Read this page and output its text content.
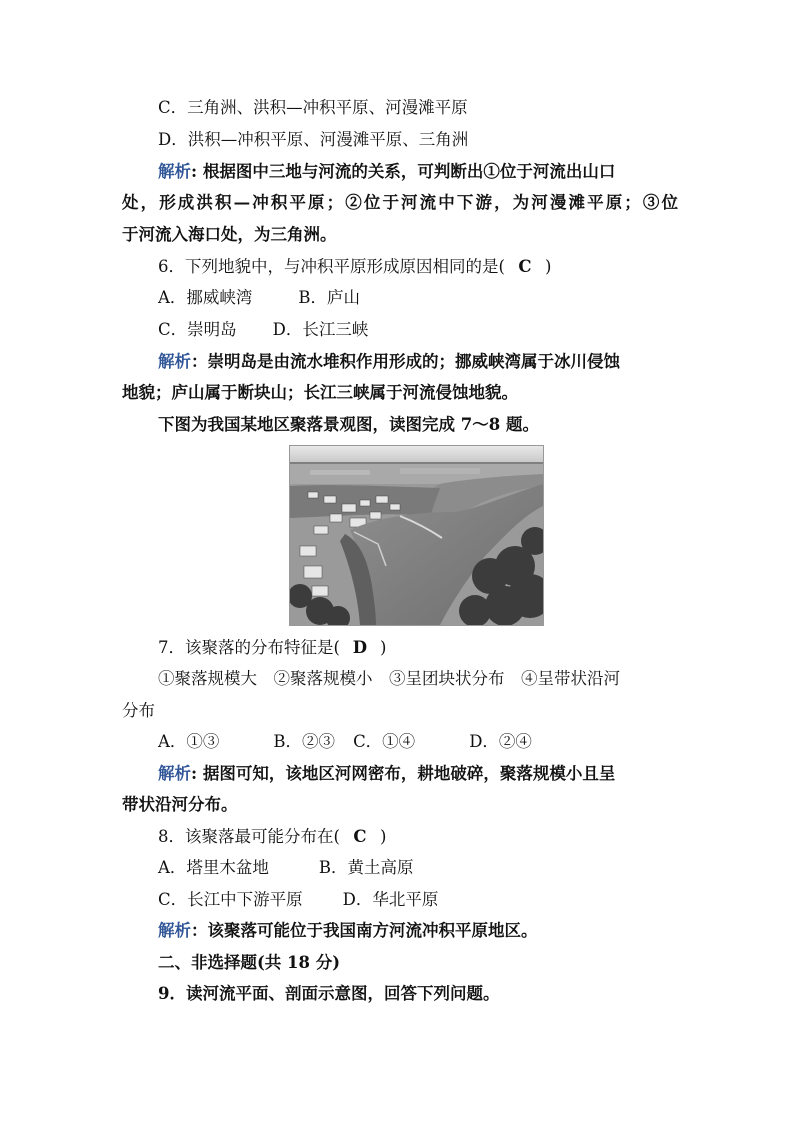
C．三角洲、洪积—冲积平原、河漫滩平原
D．洪积—冲积平原、河漫滩平原、三角洲
解析: 根据图中三地与河流的关系，可判断出①位于河流出山口
处，形成洪积—冲积平原；②位于河流中下游，为河漫滩平原；③位
于河流入海口处，为三角洲。
6．下列地貌中，与冲积平原形成原因相同的是( C )
A．挪威峡湾	B．庐山
C．崇明岛 D．长江三峡
解析：崇明岛是由流水堆积作用形成的；挪威峡湾属于冰川侵蚀
地貌；庐山属于断块山；长江三峡属于河流侵蚀地貌。
下图为我国某地区聚落景观图，读图完成 7～8 题。
7．该聚落的分布特征是( D )
①聚落规模大　②聚落规模小　③呈团块状分布　④呈带状沿河
分布
A．①③	B．②③ C．①④	D．②④
解析: 据图可知，该地区河网密布，耕地破碎，聚落规模小且呈
带状沿河分布。
8．该聚落最可能分布在( C )
A．塔里木盆地	B．黄土高原
C．长江中下游平原 D．华北平原
解析：该聚落可能位于我国南方河流冲积平原地区。
二、非选择题(共 18 分)
9．读河流平面、剖面示意图，回答下列问题。
